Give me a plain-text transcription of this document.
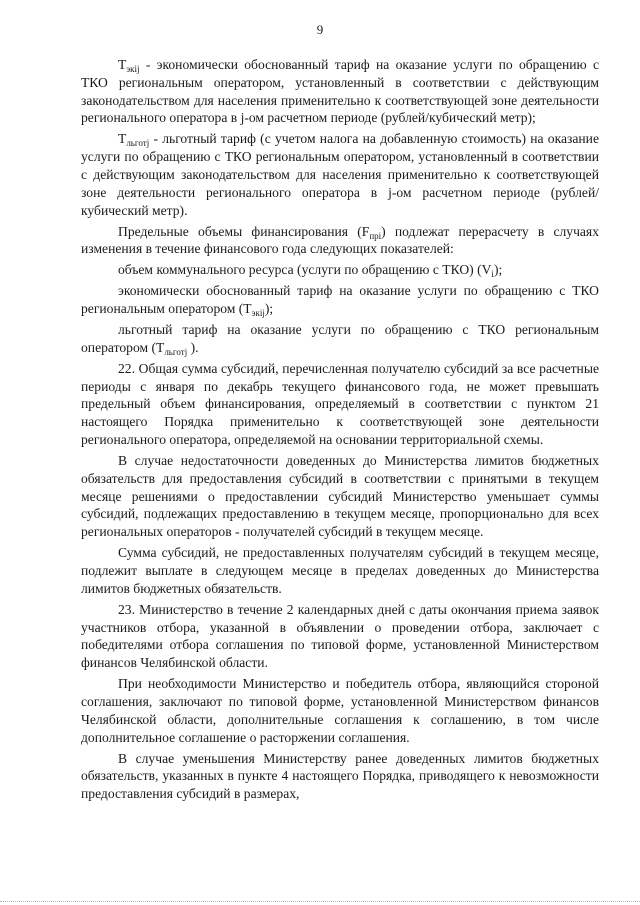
9

$Т_{экij}$ - экономически обоснованный тариф на оказание услуги по обращению с ТКО региональным оператором, установленный в соответствии с действующим законодательством для населения применительно к соответствующей зоне деятельности регионального оператора в j-ом расчетном периоде (рублей/кубический метр);

$Т_{льготj}$ - льготный тариф (с учетом налога на добавленную стоимость) на оказание услуги по обращению с ТКО региональным оператором, установленный в соответствии с действующим законодательством для населения применительно к соответствующей зоне деятельности регионального оператора в j-ом расчетном периоде (рублей/кубический метр).

Предельные объемы финансирования $(F_{прi})$ подлежат перерасчету в случаях изменения в течение финансового года следующих показателей:

объем коммунального ресурса (услуги по обращению с ТКО) $(V_i)$;

экономически обоснованный тариф на оказание услуги по обращению с ТКО региональным оператором $(Т_{экij})$;

льготный тариф на оказание услуги по обращению с ТКО региональным оператором ($Т_{льготj}$ ).

22. Общая сумма субсидий, перечисленная получателю субсидий за все расчетные периоды с января по декабрь текущего финансового года, не может превышать предельный объем финансирования, определяемый в соответствии с пунктом 21 настоящего Порядка применительно к соответствующей зоне деятельности регионального оператора, определяемой на основании территориальной схемы.

В случае недостаточности доведенных до Министерства лимитов бюджетных обязательств для предоставления субсидий в соответствии с принятыми в текущем месяце решениями о предоставлении субсидий Министерство уменьшает суммы субсидий, подлежащих предоставлению в текущем месяце, пропорционально для всех региональных операторов - получателей субсидий в текущем месяце.

Сумма субсидий, не предоставленных получателям субсидий в текущем месяце, подлежит выплате в следующем месяце в пределах доведенных до Министерства лимитов бюджетных обязательств.

23. Министерство в течение 2 календарных дней с даты окончания приема заявок участников отбора, указанной в объявлении о проведении отбора, заключает с победителями отбора соглашения по типовой форме, установленной Министерством финансов Челябинской области.

При необходимости Министерство и победитель отбора, являющийся стороной соглашения, заключают по типовой форме, установленной Министерством финансов Челябинской области, дополнительные соглашения к соглашению, в том числе дополнительное соглашение о расторжении соглашения.

В случае уменьшения Министерству ранее доведенных лимитов бюджетных обязательств, указанных в пункте 4 настоящего Порядка, приводящего к невозможности предоставления субсидий в размерах,
